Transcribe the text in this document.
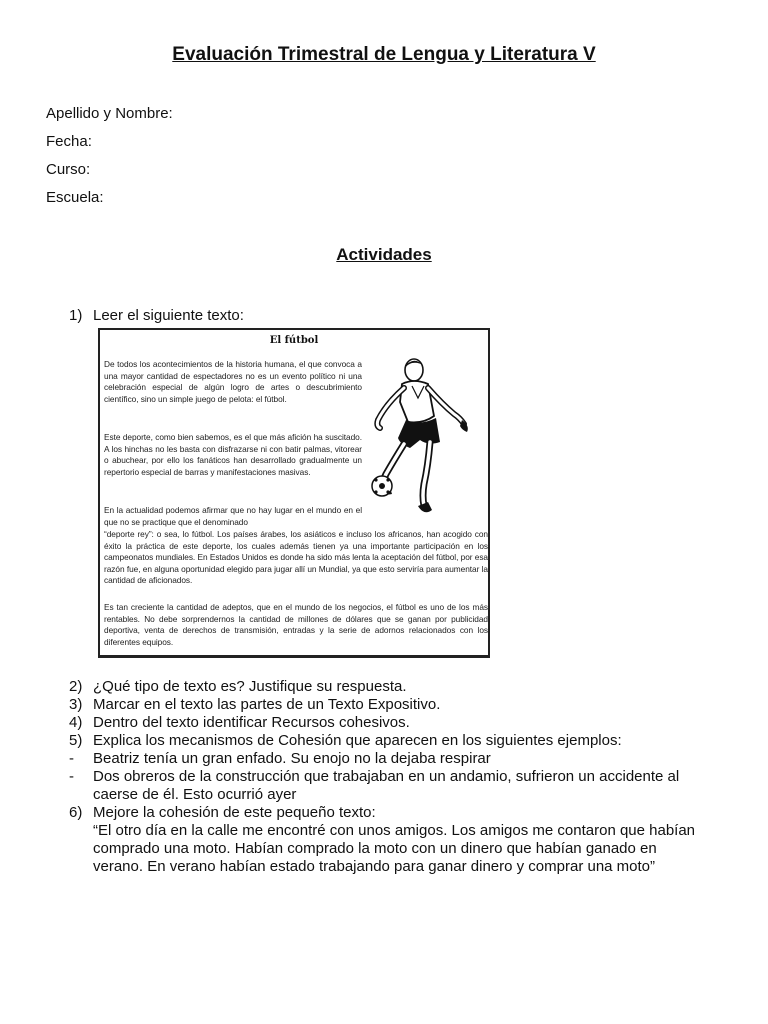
Evaluación Trimestral de Lengua y Literatura V
Apellido y Nombre:
Fecha:
Curso:
Escuela:
Actividades
1) Leer el siguiente texto:
El fútbol
De todos los acontecimientos de la historia humana, el que convoca a una mayor cantidad de espectadores no es un evento político ni una celebración especial de algún logro de artes o descubrimiento científico, sino un simple juego de pelota: el fútbol.
Este deporte, como bien sabemos, es el que más afición ha suscitado. A los hinchas no les basta con disfrazarse ni con batir palmas, vitorear o abuchear, por ello los fanáticos han desarrollado gradualmente un repertorio especial de barras y manifestaciones masivas.
En la actualidad podemos afirmar que no hay lugar en el mundo en el que no se practique que el denominado
“deporte rey”: o sea, lo fútbol. Los países árabes, los asiáticos e incluso los africanos, han acogido con éxito la práctica de este deporte, los cuales además tienen ya una importante participación en los campeonatos mundiales. En Estados Unidos es donde ha sido más lenta la aceptación del fútbol, por esa razón fue, en alguna oportunidad elegido para jugar allí un Mundial, ya que esto serviría para aumentar la cantidad de aficionados.
Es tan creciente la cantidad de adeptos, que en el mundo de los negocios, el fútbol es uno de los más rentables. No debe sorprendernos la cantidad de millones de dólares que se ganan por publicidad deportiva, venta de derechos de transmisión, entradas y la serie de adornos relacionados con los diferentes equipos.
2) ¿Qué tipo de texto es? Justifique su respuesta.
3) Marcar en el texto las partes de un Texto Expositivo.
4) Dentro del texto identificar Recursos cohesivos.
5) Explica los mecanismos de Cohesión que aparecen en los siguientes ejemplos:
- Beatriz tenía un gran enfado. Su enojo no la dejaba respirar
- Dos obreros de la construcción que trabajaban en un andamio, sufrieron un accidente al
caerse de él. Esto ocurrió ayer
6) Mejore la cohesión de este pequeño texto:
“El otro día en la calle me encontré con unos amigos. Los amigos me contaron que habían
comprado una moto. Habían comprado la moto con un dinero que habían ganado en
verano. En verano habían estado trabajando para ganar dinero y comprar una moto”
